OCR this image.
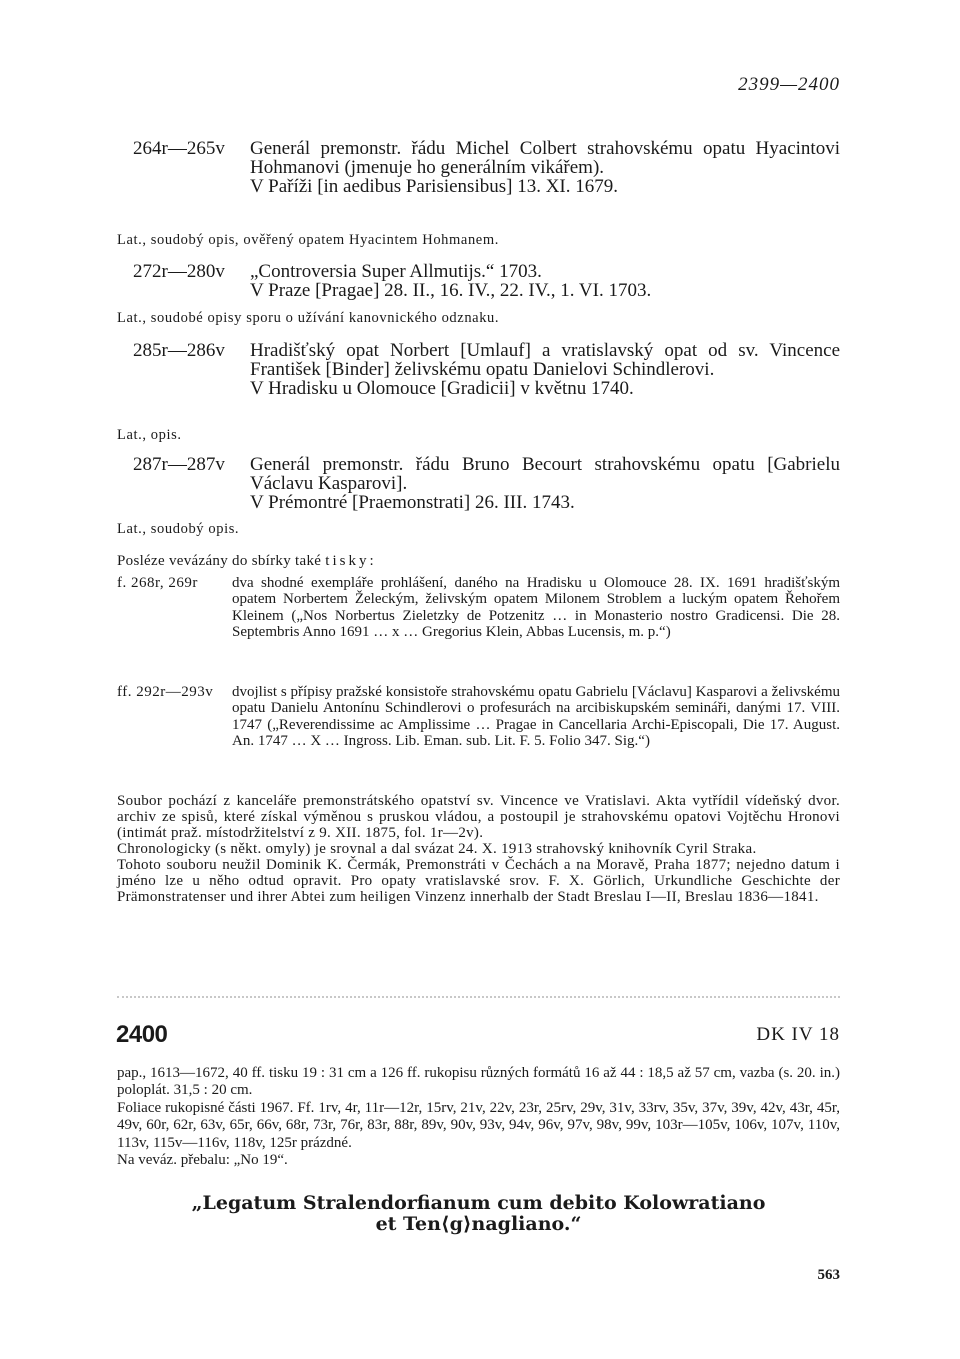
2399—2400
264r—265v Generál premonstr. řádu Michel Colbert strahovskému opatu Hyacintovi Hohmanovi (jmenuje ho generálním vikářem).

V Paříži [in aedibus Parisiensibus] 13. XI. 1679.

Lat., soudobý opis, ověřený opatem Hyacintem Hohmanem.
272r—280v „Controversia Super Allmutijs.“ 1703.

V Praze [Pragae] 28. II., 16. IV., 22. IV., 1. VI. 1703.

Lat., soudobé opisy sporu o užívání kanovnického odznaku.
285r—286v Hradišťský opat Norbert [Umlauf] a vratislavský opat od sv. Vincence František [Binder] želivskému opatu Danielovi Schindlerovi.

V Hradisku u Olomouce [Gradicii] v květnu 1740.

Lat., opis.
287r—287v Generál premonstr. řádu Bruno Becourt strahovskému opatu [Gabrielu Václavu Kasparovi].

V Prémontré [Praemonstrati] 26. III. 1743.

Lat., soudobý opis.
Posléze vevázány do sbírky také tisky:
f. 268r, 269r dva shodné exempláře prohlášení, daného na Hradisku u Olomouce 28. IX. 1691 hradišťským opatem Norbertem Želeckým, želivským opatem Milonem Stroblem a luckým opatem Řehořem Kleinem („Nos Norbertus Zieletzky de Potzenitz … in Monasterio nostro Gradicensi. Die 28. Septembris Anno 1691 … x … Gregorius Klein, Abbas Lucensis, m. p.“)
ff. 292r—293v dvojlist s přípisy pražské konsistoře strahovskému opatu Gabrielu [Václavu] Kasparovi a želivskému opatu Danielu Antonínu Schindlerovi o profesurách na arcibiskupském semináři, danými 17. VIII. 1747 („Reverendissime ac Amplissime … Pragae in Cancellaria Archi-Episcopali, Die 17. August. An. 1747 … X … Ingross. Lib. Eman. sub. Lit. F. 5. Folio 347. Sig.“)

Soubor pochází z kanceláře premonstrátského opatství sv. Vincence ve Vratislavi. Akta vytřídil vídeňský dvor. archiv ze spisů, které získal výměnou s pruskou vládou, a postoupil je strahovskému opatovi Vojtěchu Hronovi (intimát praž. místodržitelství z 9. XII. 1875, fol. 1r—2v).

Chronologicky (s někt. omyly) je srovnal a dal svázat 24. X. 1913 strahovský knihovník Cyril Straka.

Tohoto souboru neužil Dominik K. Čermák, Premonstráti v Čechách a na Moravě, Praha 1877; nejedno datum i jméno lze u něho odtud opravit. Pro opaty vratislavské srov. F. X. Görlich, Urkundliche Geschichte der Prämonstratenser und ihrer Abtei zum heiligen Vinzenz innerhalb der Stadt Breslau I—II, Breslau 1836—1841.

2400	DK IV 18

pap., 1613—1672, 40 ff. tisku 19 : 31 cm a 126 ff. rukopisu různých formátů 16 až 44 : 18,5 až 57 cm, vazba (s. 20. in.) poloplát. 31,5 : 20 cm.

Foliace rukopisné části 1967. Ff. 1rv, 4r, 11r—12r, 15rv, 21v, 22v, 23r, 25rv, 29v, 31v, 33rv, 35v, 37v, 39v, 42v, 43r, 45r, 49v, 60r, 62r, 63v, 65r, 66v, 68r, 73r, 76r, 83r, 88r, 89v, 90v, 93v, 94v, 96v, 97v, 98v, 99v, 103r—105v, 106v, 107v, 110v, 113v, 115v—116v, 118v, 125r prázdné.

Na veváz. přebalu: „No 19“.

„Legatum Stralendorfianum cum debito Kolowratiano

et Ten⟨g⟩nagliano.“

563
